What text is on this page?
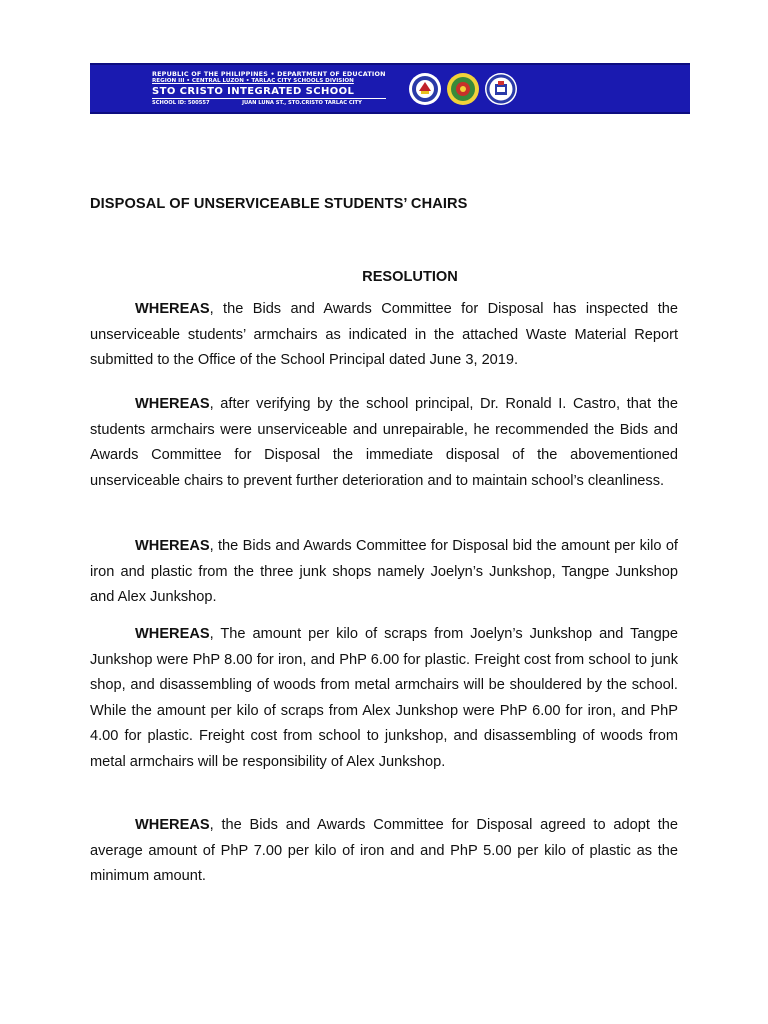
REPUBLIC OF THE PHILIPPINES • DEPARTMENT OF EDUCATION
REGION III • CENTRAL LUZON • TARLAC CITY SCHOOLS DIVISION
STO CRISTO INTEGRATED SCHOOL
SCHOOL ID: 500557	JUAN LUNA ST., STO.CRISTO TARLAC CITY
DISPOSAL OF UNSERVICEABLE STUDENTS’ CHAIRS
RESOLUTION

WHEREAS, the Bids and Awards Committee for Disposal has inspected the unserviceable students’ armchairs as indicated in the attached Waste Material Report submitted to the Office of the School Principal dated June 3, 2019.

WHEREAS, after verifying by the school principal, Dr. Ronald I. Castro, that the students armchairs were unserviceable and unrepairable, he recommended the Bids and Awards Committee for Disposal the immediate disposal of the abovementioned unserviceable chairs to prevent further deterioration and to maintain school’s cleanliness.

WHEREAS, the Bids and Awards Committee for Disposal bid the amount per kilo of iron and plastic from the three junk shops namely Joelyn’s Junkshop, Tangpe Junkshop and Alex Junkshop.

WHEREAS, The amount per kilo of scraps from Joelyn’s Junkshop and Tangpe Junkshop were PhP 8.00 for iron, and PhP 6.00 for plastic. Freight cost from school to junk shop, and disassembling of woods from metal armchairs will be shouldered by the school. While the amount per kilo of scraps from Alex Junkshop were PhP 6.00 for iron, and PhP 4.00 for plastic. Freight cost from school to junkshop, and disassembling of woods from metal armchairs will be responsibility of Alex Junkshop.

WHEREAS, the Bids and Awards Committee for Disposal agreed to adopt the average amount of PhP 7.00 per kilo of iron and and PhP 5.00 per kilo of plastic as the minimum amount.
